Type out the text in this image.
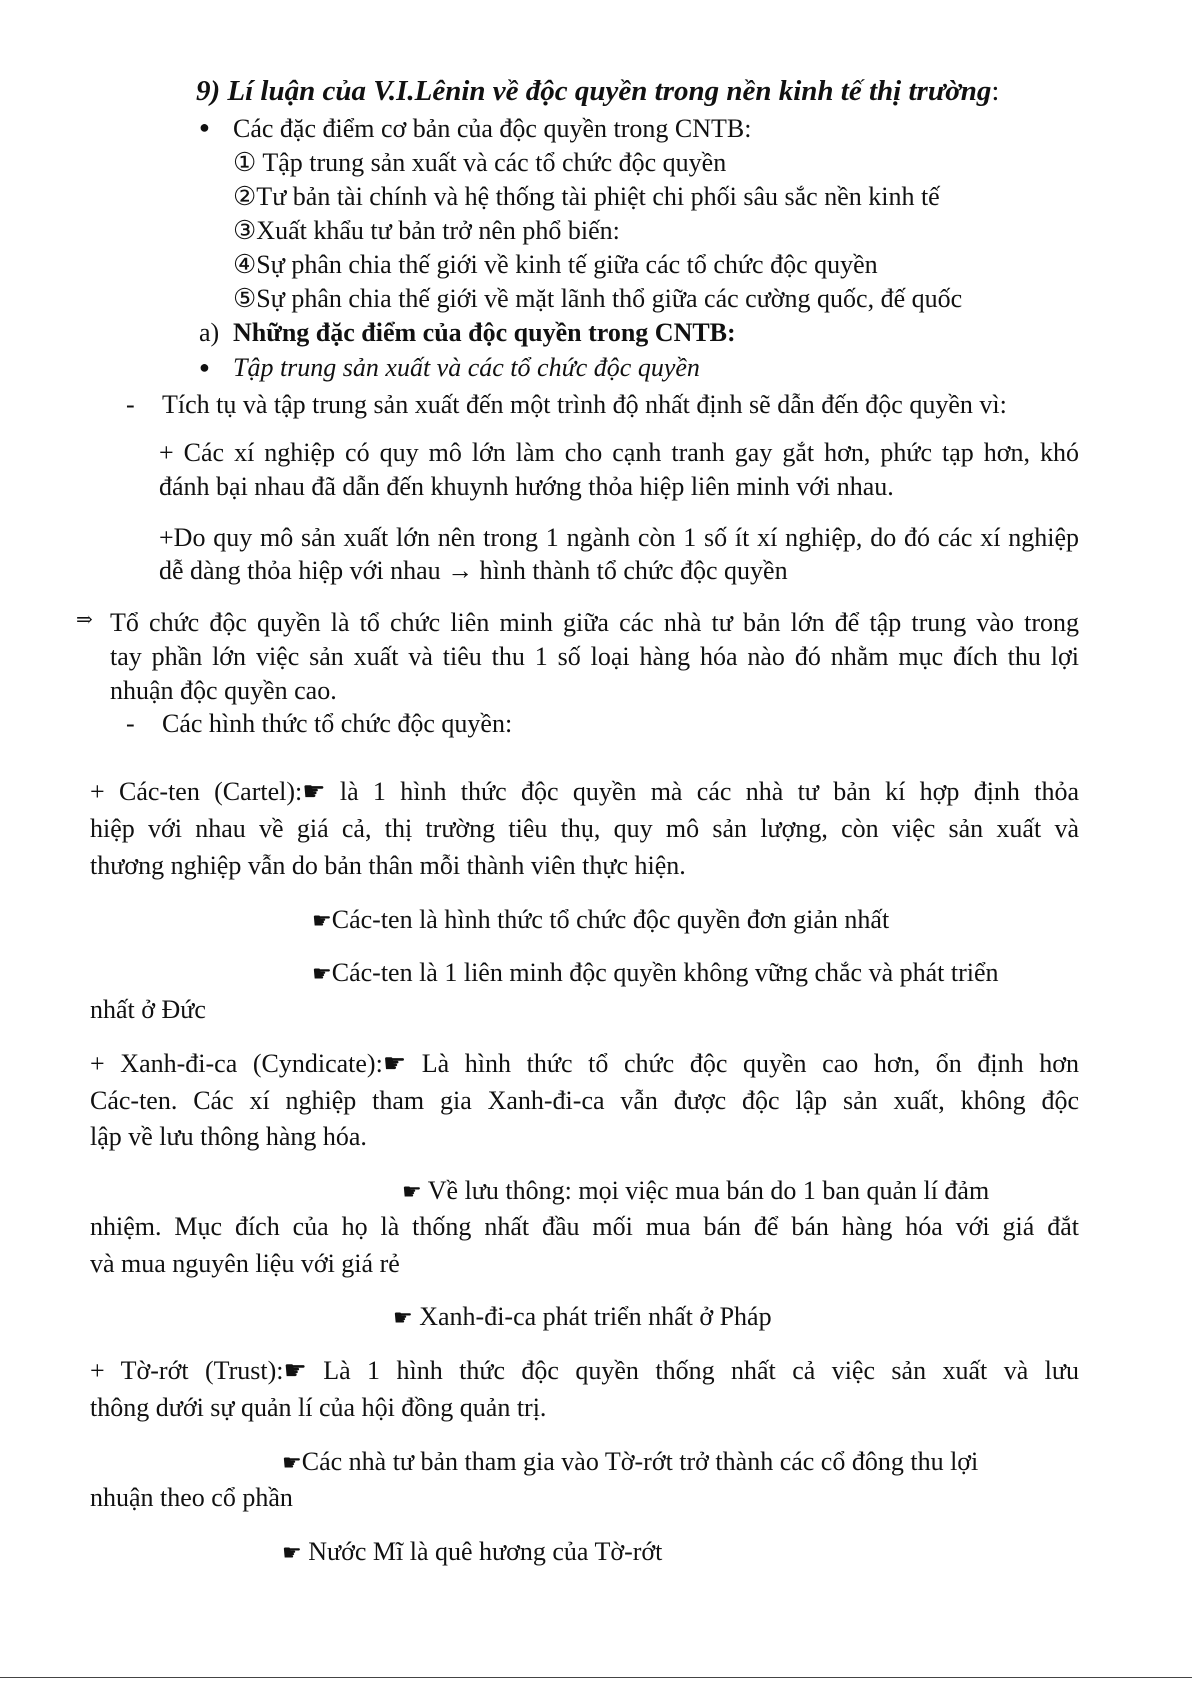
9) Lí luận của V.I.Lênin về độc quyền trong nền kinh tế thị trường:
● Các đặc điểm cơ bản của độc quyền trong CNTB:
① Tập trung sản xuất và các tổ chức độc quyền
②Tư bản tài chính và hệ thống tài phiệt chi phối sâu sắc nền kinh tế
③Xuất khẩu tư bản trở nên phổ biến:
④Sự phân chia thế giới về kinh tế giữa các tổ chức độc quyền
⑤Sự phân chia thế giới về mặt lãnh thổ giữa các cường quốc, đế quốc
a) Những đặc điểm của độc quyền trong CNTB:
● Tập trung sản xuất và các tổ chức độc quyền
- Tích tụ và tập trung sản xuất đến một trình độ nhất định sẽ dẫn đến độc quyền vì:
+ Các xí nghiệp có quy mô lớn làm cho cạnh tranh gay gắt hơn, phức tạp hơn, khó
đánh bại nhau đã dẫn đến khuynh hướng thỏa hiệp liên minh với nhau.
+Do quy mô sản xuất lớn nên trong 1 ngành còn 1 số ít xí nghiệp, do đó các xí nghiệp
dễ dàng thỏa hiệp với nhau → hình thành tổ chức độc quyền
⇒ Tổ chức độc quyền là tổ chức liên minh giữa các nhà tư bản lớn để tập trung vào trong
tay phần lớn việc sản xuất và tiêu thu 1 số loại hàng hóa nào đó nhằm mục đích thu lợi
nhuận độc quyền cao.
- Các hình thức tổ chức độc quyền:
+ Các-ten (Cartel):☛ là 1 hình thức độc quyền mà các nhà tư bản kí hợp định thỏa
hiệp với nhau về giá cả, thị trường tiêu thụ, quy mô sản lượng, còn việc sản xuất và
thương nghiệp vẫn do bản thân mỗi thành viên thực hiện.
☛Các-ten là hình thức tổ chức độc quyền đơn giản nhất
☛Các-ten là 1 liên minh độc quyền không vững chắc và phát triển
nhất ở Đức
+ Xanh-đi-ca (Cyndicate):☛ Là hình thức tổ chức độc quyền cao hơn, ổn định hơn
Các-ten. Các xí nghiệp tham gia Xanh-đi-ca vẫn được độc lập sản xuất, không độc
lập về lưu thông hàng hóa.
☛ Về lưu thông: mọi việc mua bán do 1 ban quản lí đảm
nhiệm. Mục đích của họ là thống nhất đầu mối mua bán để bán hàng hóa với giá đắt
và mua nguyên liệu với giá rẻ
☛ Xanh-đi-ca phát triển nhất ở Pháp
+ Tờ-rớt (Trust):☛ Là 1 hình thức độc quyền thống nhất cả việc sản xuất và lưu
thông dưới sự quản lí của hội đồng quản trị.
☛Các nhà tư bản tham gia vào Tờ-rớt trở thành các cổ đông thu lợi
nhuận theo cổ phần
☛ Nước Mĩ là quê hương của Tờ-rớt
